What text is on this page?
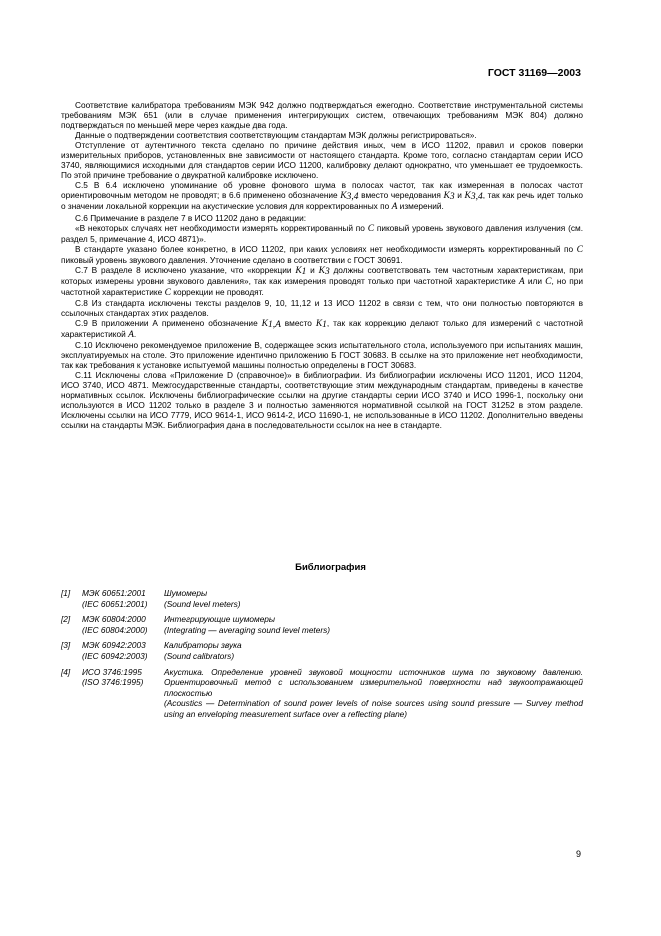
ГОСТ 31169—2003

Соответствие калибратора требованиям МЭК 942 должно подтверждаться ежегодно. Соответствие инструментальной системы требованиям МЭК 651 (или в случае применения интегрирующих систем, отвечающих требованиям МЭК 804) должно подтверждаться по меньшей мере через каждые два года.

Данные о подтверждении соответствия соответствующим стандартам МЭК должны регистрироваться».

Отступление от аутентичного текста сделано по причине действия иных, чем в ИСО 11202, правил и сроков поверки измерительных приборов, установленных вне зависимости от настоящего стандарта. Кроме того, согласно стандартам серии ИСО 3740, являющимися исходными для стандартов серии ИСО 11200, калибровку делают однократно, что уменьшает ее трудоемкость. По этой причине требование о двукратной калибровке исключено.

С.5 В 6.4 исключено упоминание об уровне фонового шума в полосах частот, так как измеренная в полосах частот ориентировочным методом не проводят; в 6.6 применено обозначение $K_{3,4}$ вместо чередования $K_3$ и $K_{3,4}$, так как речь идет только о значении локальной коррекции на акустические условия для корректированных по A измерений.

С.6 Примечание в разделе 7 в ИСО 11202 дано в редакции:

«В некоторых случаях нет необходимости измерять корректированный по C пиковый уровень звукового давления излучения (см. раздел 5, примечание 4, ИСО 4871)».

В стандарте указано более конкретно, в ИСО 11202, при каких условиях нет необходимости измерять корректированный по C пиковый уровень звукового давления. Уточнение сделано в соответствии с ГОСТ 30691.

С.7 В разделе 8 исключено указание, что «коррекции $K_1$ и $K_3$ должны соответствовать тем частотным характеристикам, при которых измерены уровни звукового давления», так как измерения проводят только при частотной характеристике A или C, но при частотной характеристике C коррекции не проводят.

С.8 Из стандарта исключены тексты разделов 9, 10, 11,12 и 13 ИСО 11202 в связи с тем, что они полностью повторяются в ссылочных стандартах этих разделов.

С.9 В приложении А применено обозначение $K_{1,A}$ вместо $K_1$, так как коррекцию делают только для измерений с частотной характеристикой A.

С.10 Исключено рекомендуемое приложение В, содержащее эскиз испытательного стола, используемого при испытаниях машин, эксплуатируемых на столе. Это приложение идентично приложению Б ГОСТ 30683. В ссылке на это приложение нет необходимости, так как требования к установке испытуемой машины полностью определены в ГОСТ 30683.

С.11 Исключены слова «Приложение D (справочное)» в библиографии. Из библиографии исключены ИСО 11201, ИСО 11204, ИСО 3740, ИСО 4871. Межгосударственные стандарты, соответствующие этим международным стандартам, приведены в качестве нормативных ссылок. Исключены библиографические ссылки на другие стандарты серии ИСО 3740 и ИСО 1996-1, поскольку они используются в ИСО 11202 только в разделе 3 и полностью заменяются нормативной ссылкой на ГОСТ 31252 в этом разделе. Исключены ссылки на ИСО 7779, ИСО 9614-1, ИСО 9614-2, ИСО 11690-1, не использованные в ИСО 11202. Дополнительно введены ссылки на стандарты МЭК. Библиография дана в последовательности ссылок на нее в стандарте.

Библиография
[1]	МЭК 60651:2001
(IEC 60651:2001)
Шумомеры
(Sound level meters)
[2]	МЭК 60804:2000
(IEC 60804:2000)
Интегрирующие шумомеры
(Integrating — averaging sound level meters)
[3]	МЭК 60942:2003
(IEC 60942:2003)
Калибраторы звука
(Sound calibrators)
[4]	ИСО 3746:1995
(ISO 3746:1995)
Акустика. Определение уровней звуковой мощности источников шума по звуковому давлению. Ориентировочный метод с использованием измерительной поверхности над звукоотражающей плоскостью
(Acoustics — Determination of sound power levels of noise sources using sound pressure — Survey method using an enveloping measurement surface over a reflecting plane)
9
